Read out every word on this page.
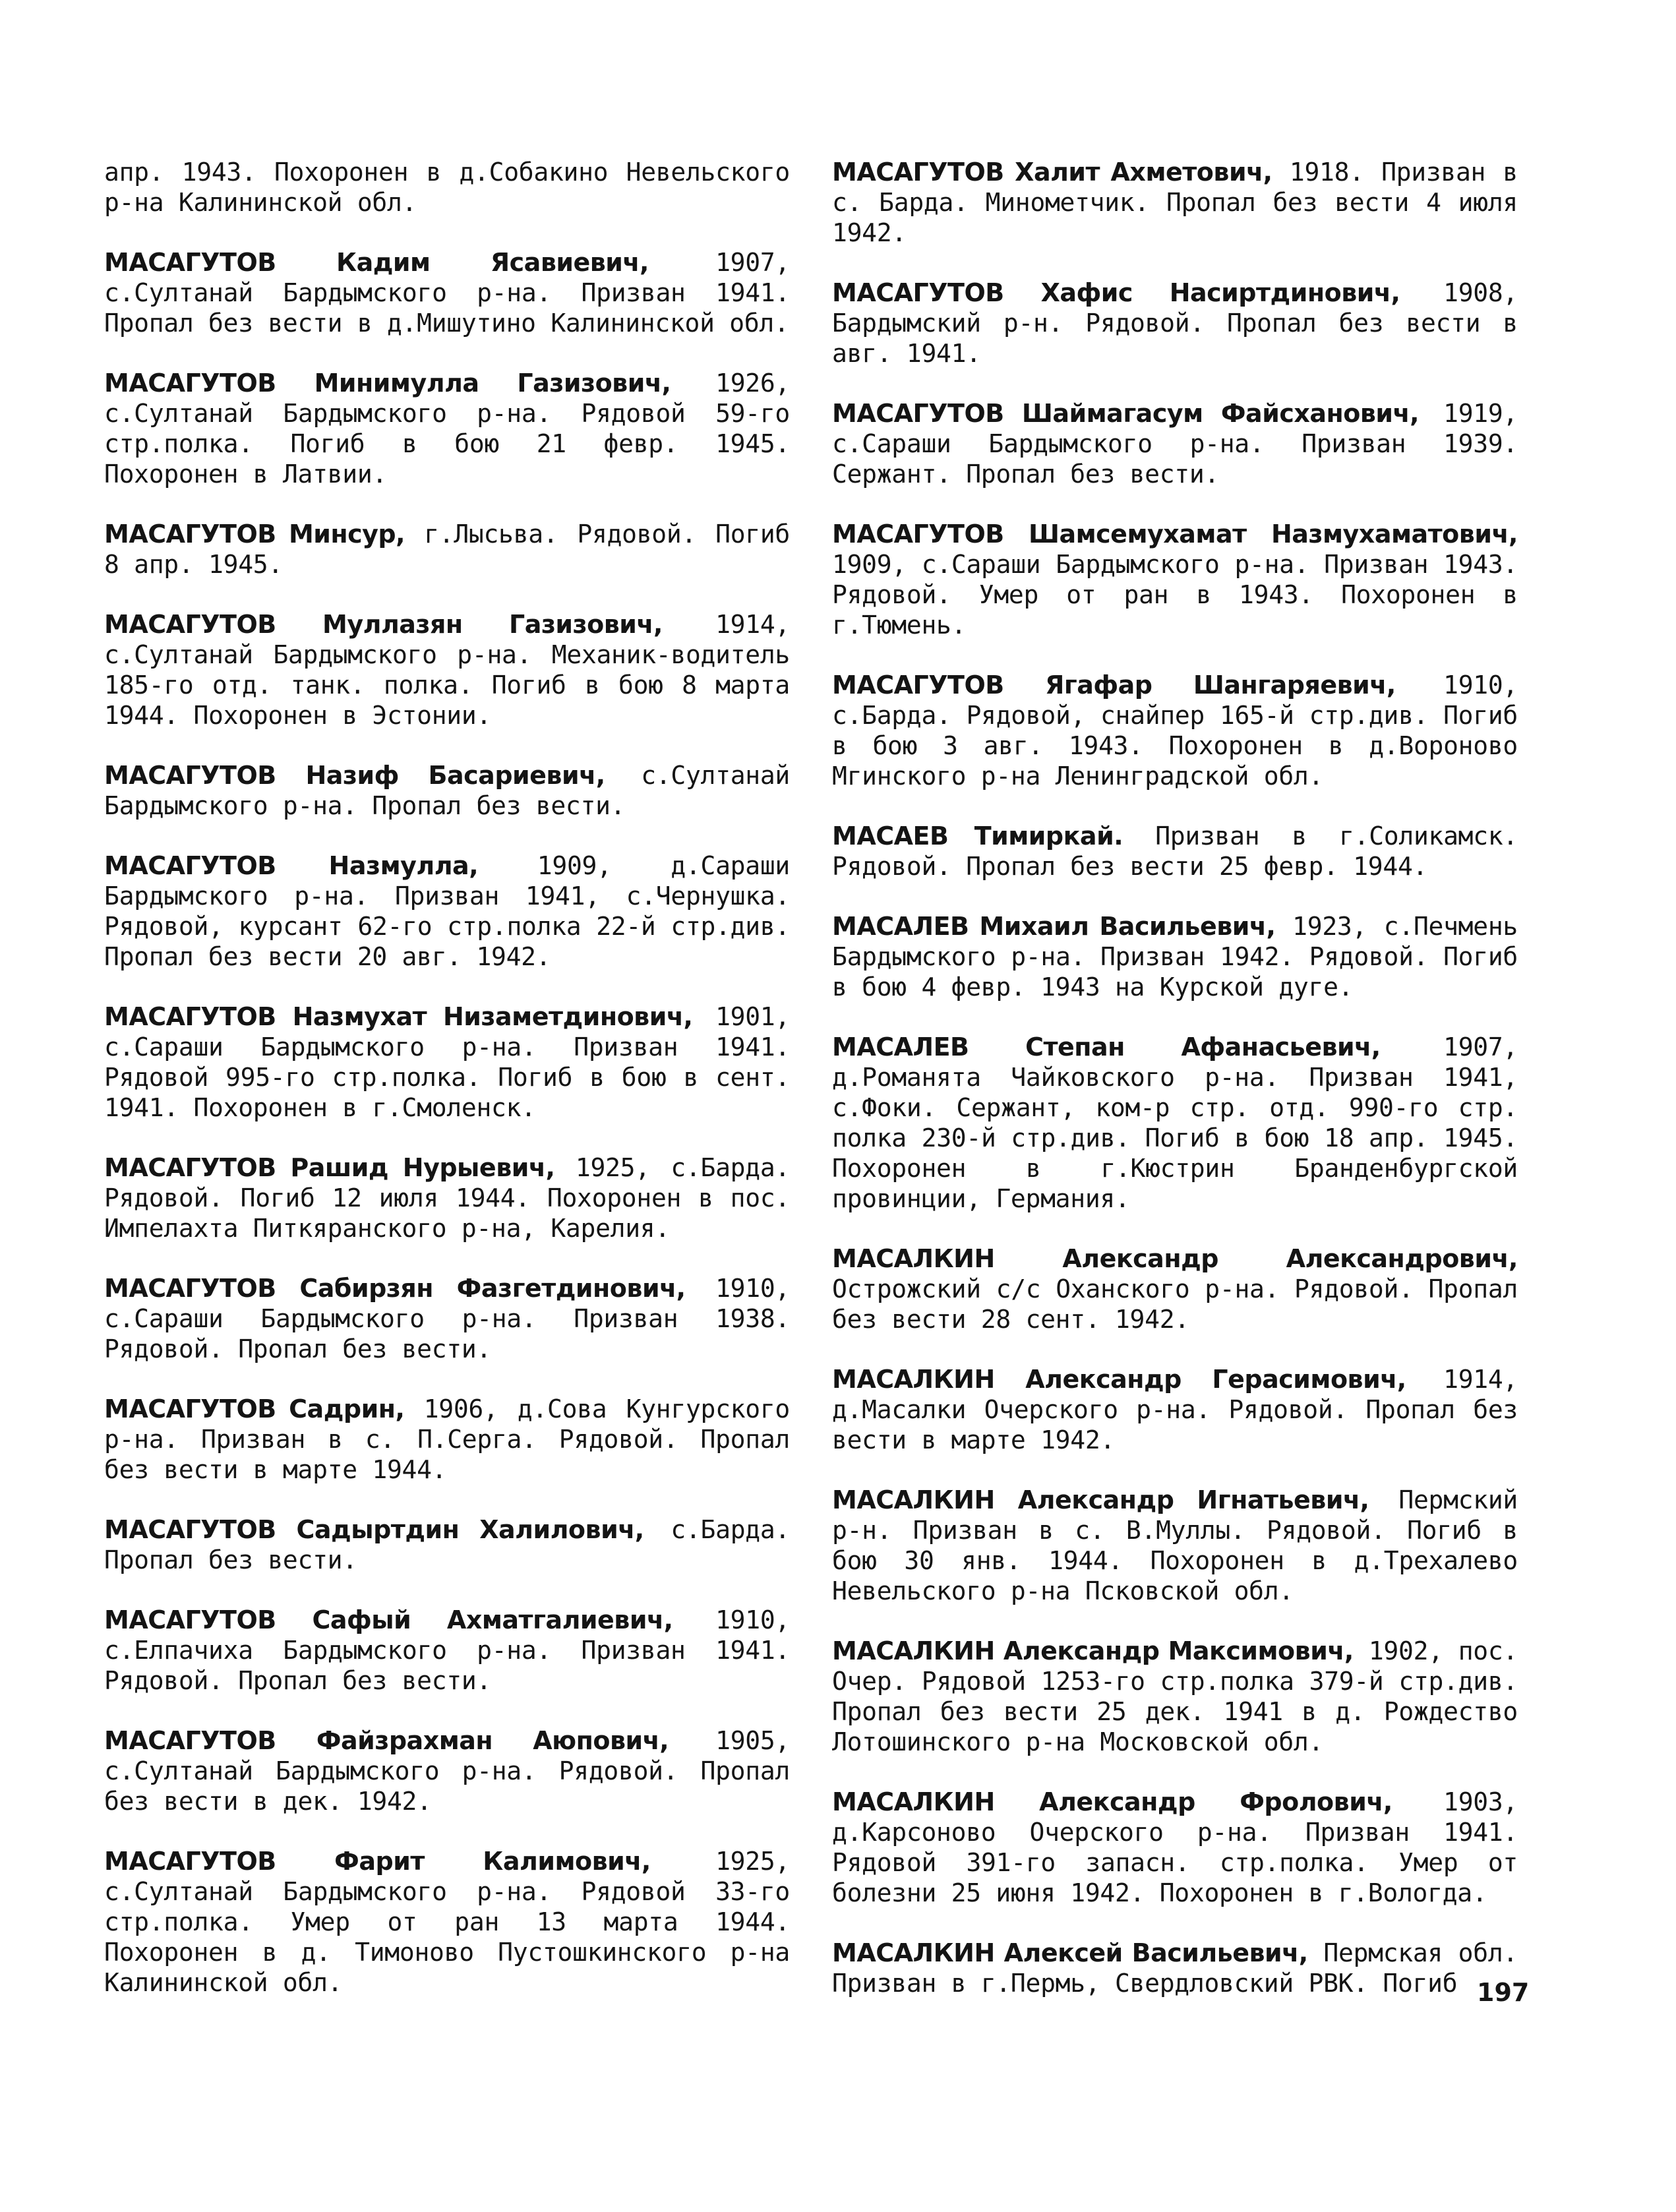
апр. 1943. Похоронен в д.Собакино Невельского р-на Калининской обл.

МАСАГУТОВ Кадим Ясавиевич, 1907, с.Султанай Бардымского р-на. Призван 1941. Пропал без вести в д.Мишутино Калининской обл.

МАСАГУТОВ Минимулла Газизович, 1926, с.Султанай Бардымского р-на. Рядовой 59-го стр.полка. Погиб в бою 21 февр. 1945. Похоронен в Латвии.

МАСАГУТОВ Минсур, г.Лысьва. Рядовой. Погиб 8 апр. 1945.

МАСАГУТОВ Муллазян Газизович, 1914, с.Султанай Бардымского р-на. Механик-водитель 185-го отд. танк. полка. Погиб в бою 8 марта 1944. Похоронен в Эстонии.

МАСАГУТОВ Назиф Басариевич, с.Султанай Бардымского р-на. Пропал без вести.

МАСАГУТОВ Назмулла, 1909, д.Сараши Бардымского р-на. Призван 1941, с.Чернушка. Рядовой, курсант 62-го стр.полка 22-й стр.див. Пропал без вести 20 авг. 1942.

МАСАГУТОВ Назмухат Низаметдинович, 1901, с.Сараши Бардымского р-на. Призван 1941. Рядовой 995-го стр.полка. Погиб в бою в сент. 1941. Похоронен в г.Смоленск.

МАСАГУТОВ Рашид Нурыевич, 1925, с.Барда. Рядовой. Погиб 12 июля 1944. Похоронен в пос. Импелахта Питкяранского р-на, Карелия.

МАСАГУТОВ Сабирзян Фазгетдинович, 1910, с.Сараши Бардымского р-на. Призван 1938. Рядовой. Пропал без вести.

МАСАГУТОВ Садрин, 1906, д.Сова Кунгурского р-на. Призван в с. П.Серга. Рядовой. Пропал без вести в марте 1944.

МАСАГУТОВ Садыртдин Халилович, с.Барда. Пропал без вести.

МАСАГУТОВ Сафый Ахматгалиевич, 1910, с.Елпачиха Бардымского р-на. Призван 1941. Рядовой. Пропал без вести.

МАСАГУТОВ Файзрахман Аюпович, 1905, с.Султанай Бардымского р-на. Рядовой. Пропал без вести в дек. 1942.

МАСАГУТОВ Фарит Калимович, 1925, с.Султанай Бардымского р-на. Рядовой 33-го стр.полка. Умер от ран 13 марта 1944. Похоронен в д. Тимоново Пустошкинского р-на Калининской обл.

МАСАГУТОВ Халит Ахметович, 1918. Призван в с. Барда. Минометчик. Пропал без вести 4 июля 1942.

МАСАГУТОВ Хафис Насиртдинович, 1908, Бардымский р-н. Рядовой. Пропал без вести в авг. 1941.

МАСАГУТОВ Шаймагасум Файсханович, 1919, с.Сараши Бардымского р-на. Призван 1939. Сержант. Пропал без вести.

МАСАГУТОВ Шамсемухамат Назмухаматович, 1909, с.Сараши Бардымского р-на. Призван 1943. Рядовой. Умер от ран в 1943. Похоронен в г.Тюмень.

МАСАГУТОВ Ягафар Шангаряевич, 1910, с.Барда. Рядовой, снайпер 165-й стр.див. Погиб в бою 3 авг. 1943. Похоронен в д.Вороново Мгинского р-на Ленинградской обл.

МАСАЕВ Тимиркай. Призван в г.Соликамск. Рядовой. Пропал без вести 25 февр. 1944.

МАСАЛЕВ Михаил Васильевич, 1923, с.Печмень Бардымского р-на. Призван 1942. Рядовой. Погиб в бою 4 февр. 1943 на Курской дуге.

МАСАЛЕВ Степан Афанасьевич, 1907, д.Романята Чайковского р-на. Призван 1941, с.Фоки. Сержант, ком-р стр. отд. 990-го стр. полка 230-й стр.див. Погиб в бою 18 апр. 1945. Похоронен в г.Кюстрин Бранденбургской провинции, Германия.

МАСАЛКИН Александр Александрович, Острожский с/с Оханского р-на. Рядовой. Пропал без вести 28 сент. 1942.

МАСАЛКИН Александр Герасимович, 1914, д.Масалки Очерского р-на. Рядовой. Пропал без вести в марте 1942.

МАСАЛКИН Александр Игнатьевич, Пермский р-н. Призван в с. В.Муллы. Рядовой. Погиб в бою 30 янв. 1944. Похоронен в д.Трехалево Невельского р-на Псковской обл.

МАСАЛКИН Александр Максимович, 1902, пос. Очер. Рядовой 1253-го стр.полка 379-й стр.див. Пропал без вести 25 дек. 1941 в д. Рождество Лотошинского р-на Московской обл.

МАСАЛКИН Александр Фролович, 1903, д.Карсоново Очерского р-на. Призван 1941. Рядовой 391-го запасн. стр.полка. Умер от болезни 25 июня 1942. Похоронен в г.Вологда.

МАСАЛКИН Алексей Васильевич, Пермская обл. Призван в г.Пермь, Свердловский РВК. Погиб 197
